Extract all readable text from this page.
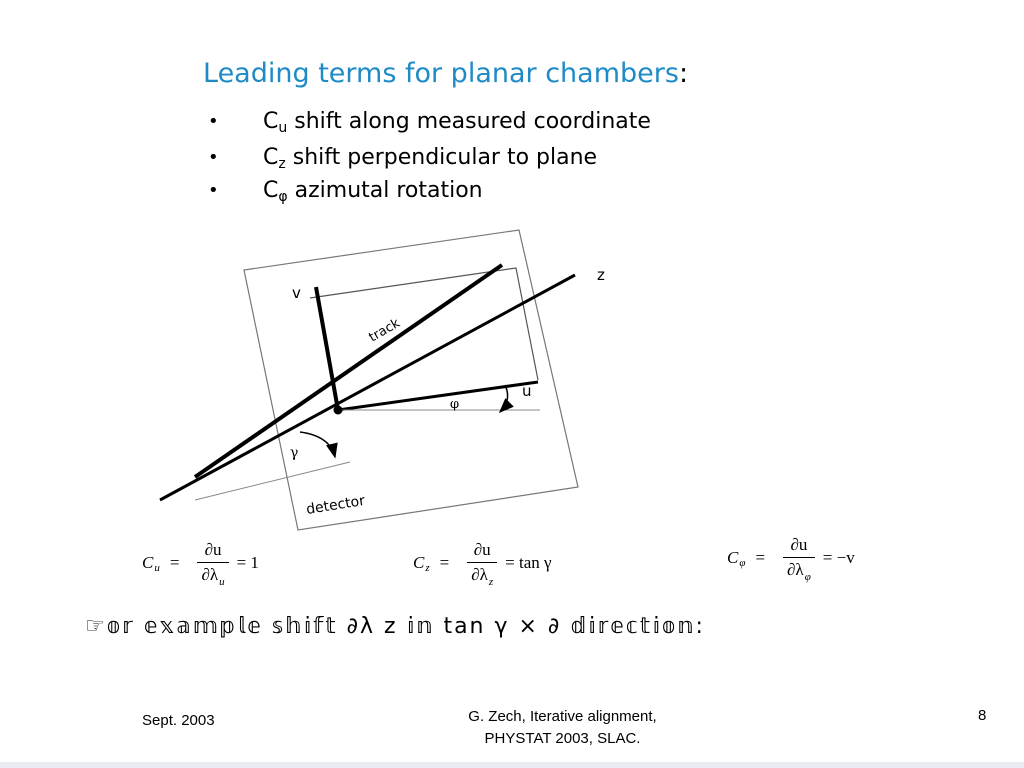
Leading terms for planar chambers:
• $C_u$ shift along measured coordinate
• $C_z$ shift perpendicular to plane
• $C_\varphi$ azimutal rotation
v
z
u
track
φ
γ
detector
C $u = \frac{\partial u}{\partial\lambda_u} = 1$	C $z = \frac{\partial u}{\partial\lambda_z} = \tan \gamma$	C $\varphi = \frac{\partial u}{\partial\lambda_\varphi} = -v$
☞𝕠𝕣 𝕖𝕩𝕒𝕞𝕡𝕝𝕖 𝕤𝕙𝕚𝕗𝕥 ∂λ z 𝕚𝕟 tan γ × ∂ 𝕕𝕚𝕣𝕖𝕔𝕥𝕚𝕠𝕟:
Sept. 2003	G. Zech, Iterative alignment,
PHYSTAT 2003, SLAC.
8
